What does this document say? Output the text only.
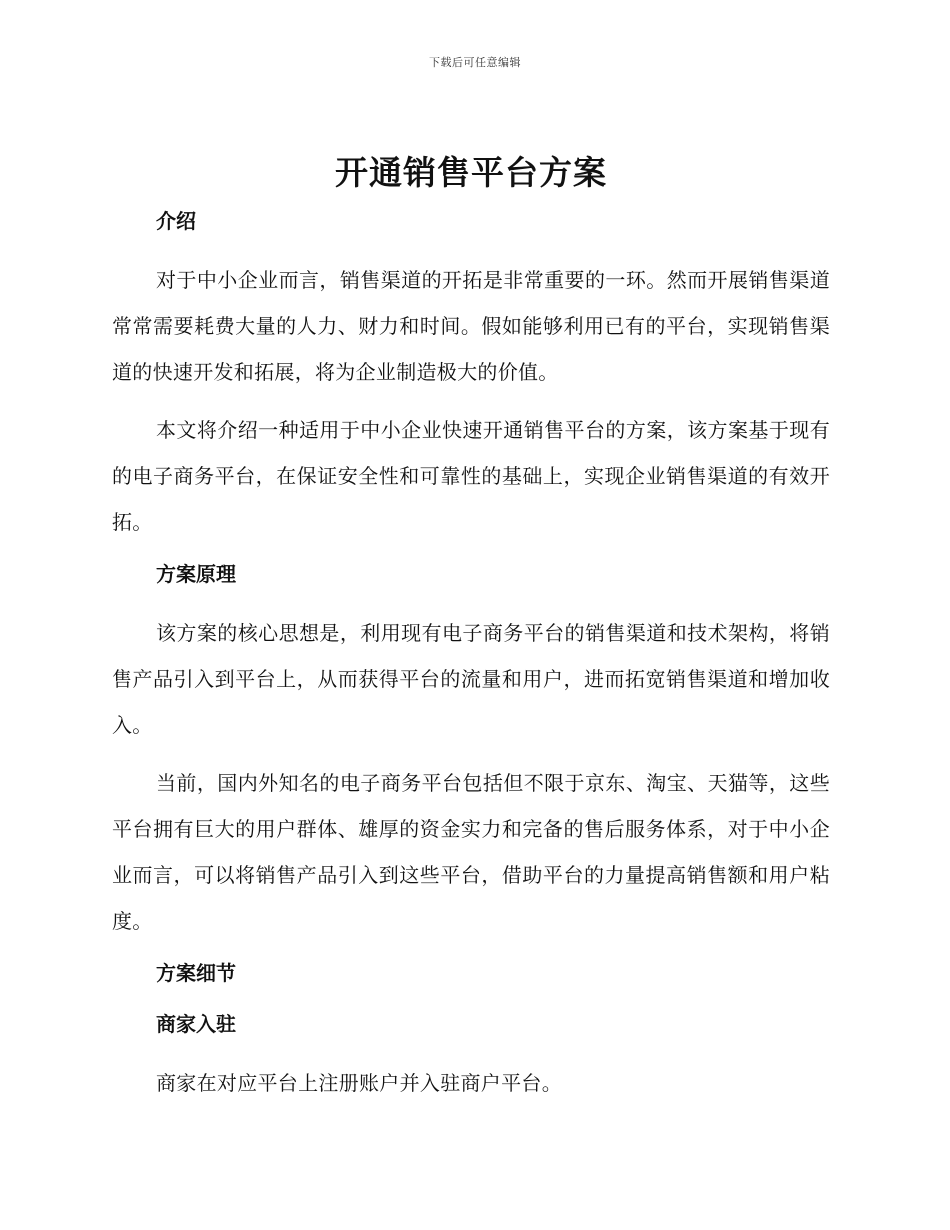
下载后可任意编辑
开通销售平台方案
介绍

对于中小企业而言，销售渠道的开拓是非常重要的一环。然而开展销售渠道常常需要耗费大量的人力、财力和时间。假如能够利用已有的平台，实现销售渠道的快速开发和拓展，将为企业制造极大的价值。

本文将介绍一种适用于中小企业快速开通销售平台的方案，该方案基于现有的电子商务平台，在保证安全性和可靠性的基础上，实现企业销售渠道的有效开拓。

方案原理

该方案的核心思想是，利用现有电子商务平台的销售渠道和技术架构，将销售产品引入到平台上，从而获得平台的流量和用户，进而拓宽销售渠道和增加收入。

当前，国内外知名的电子商务平台包括但不限于京东、淘宝、天猫等，这些平台拥有巨大的用户群体、雄厚的资金实力和完备的售后服务体系，对于中小企业而言，可以将销售产品引入到这些平台，借助平台的力量提高销售额和用户粘度。

方案细节
商家入驻

商家在对应平台上注册账户并入驻商户平台。
